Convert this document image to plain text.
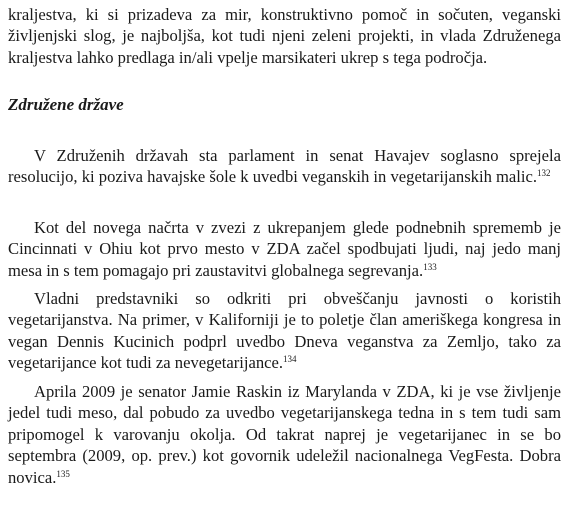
kraljestva, ki si prizadeva za mir, konstruktivno pomoč in sočuten, veganski življenjski slog, je najboljša, kot tudi njeni zeleni projekti, in vlada Združenega kraljestva lahko predlaga in/ali vpelje marsikateri ukrep s tega področja.

Združene države

V Združenih državah sta parlament in senat Havajev soglasno sprejela resolucijo, ki poziva havajske šole k uvedbi veganskih in vegetarijanskih malic.$^{132}$

Kot del novega načrta v zvezi z ukrepanjem glede podnebnih sprememb je Cincinnati v Ohiu kot prvo mesto v ZDA začel spodbujati ljudi, naj jedo manj mesa in s tem pomagajo pri zaustavitvi globalnega segrevanja.$^{133}$

Vladni predstavniki so odkriti pri obveščanju javnosti o koristih vegetarijanstva. Na primer, v Kaliforniji je to poletje član ameriškega kongresa in vegan Dennis Kucinich podprl uvedbo Dneva veganstva za Zemljo, tako za vegetarijance kot tudi za nevegetarijance.$^{134}$

Aprila 2009 je senator Jamie Raskin iz Marylanda v ZDA, ki je vse življenje jedel tudi meso, dal pobudo za uvedbo vegetarijanskega tedna in s tem tudi sam pripomogel k varovanju okolja. Od takrat naprej je vegetarijanec in se bo septembra (2009, op. prev.) kot govornik udeležil nacionalnega VegFesta. Dobra novica.$^{135}$
